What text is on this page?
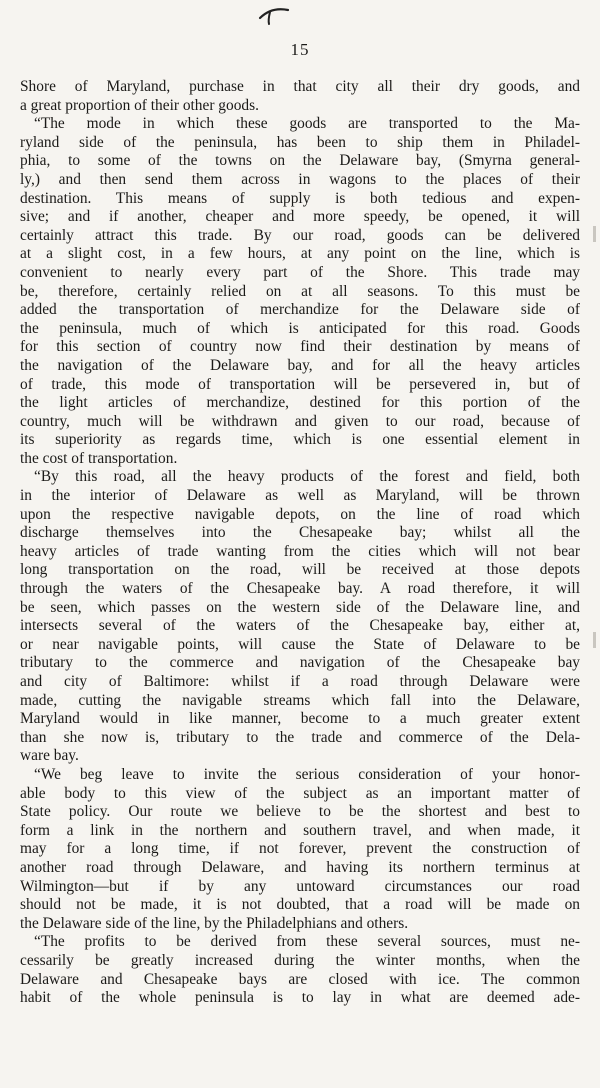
15
Shore of Maryland, purchase in that city all their dry goods, and
a great proportion of their other goods.
“The mode in which these goods are transported to the Ma-
ryland side of the peninsula, has been to ship them in Philadel-
phia, to some of the towns on the Delaware bay, (Smyrna general-
ly,) and then send them across in wagons to the places of their
destination. This means of supply is both tedious and expen-
sive; and if another, cheaper and more speedy, be opened, it will
certainly attract this trade. By our road, goods can be delivered
at a slight cost, in a few hours, at any point on the line, which is
convenient to nearly every part of the Shore. This trade may
be, therefore, certainly relied on at all seasons. To this must be
added the transportation of merchandize for the Delaware side of
the peninsula, much of which is anticipated for this road. Goods
for this section of country now find their destination by means of
the navigation of the Delaware bay, and for all the heavy articles
of trade, this mode of transportation will be persevered in, but of
the light articles of merchandize, destined for this portion of the
country, much will be withdrawn and given to our road, because of
its superiority as regards time, which is one essential element in
the cost of transportation.
“By this road, all the heavy products of the forest and field, both
in the interior of Delaware as well as Maryland, will be thrown
upon the respective navigable depots, on the line of road which
discharge themselves into the Chesapeake bay; whilst all the
heavy articles of trade wanting from the cities which will not bear
long transportation on the road, will be received at those depots
through the waters of the Chesapeake bay. A road therefore, it will
be seen, which passes on the western side of the Delaware line, and
intersects several of the waters of the Chesapeake bay, either at,
or near navigable points, will cause the State of Delaware to be
tributary to the commerce and navigation of the Chesapeake bay
and city of Baltimore: whilst if a road through Delaware were
made, cutting the navigable streams which fall into the Delaware,
Maryland would in like manner, become to a much greater extent
than she now is, tributary to the trade and commerce of the Dela-
ware bay.
“We beg leave to invite the serious consideration of your honor-
able body to this view of the subject as an important matter of
State policy. Our route we believe to be the shortest and best to
form a link in the northern and southern travel, and when made, it
may for a long time, if not forever, prevent the construction of
another road through Delaware, and having its northern terminus at
Wilmington—but if by any untoward circumstances our road
should not be made, it is not doubted, that a road will be made on
the Delaware side of the line, by the Philadelphians and others.
“The profits to be derived from these several sources, must ne-
cessarily be greatly increased during the winter months, when the
Delaware and Chesapeake bays are closed with ice. The common
habit of the whole peninsula is to lay in what are deemed ade-
